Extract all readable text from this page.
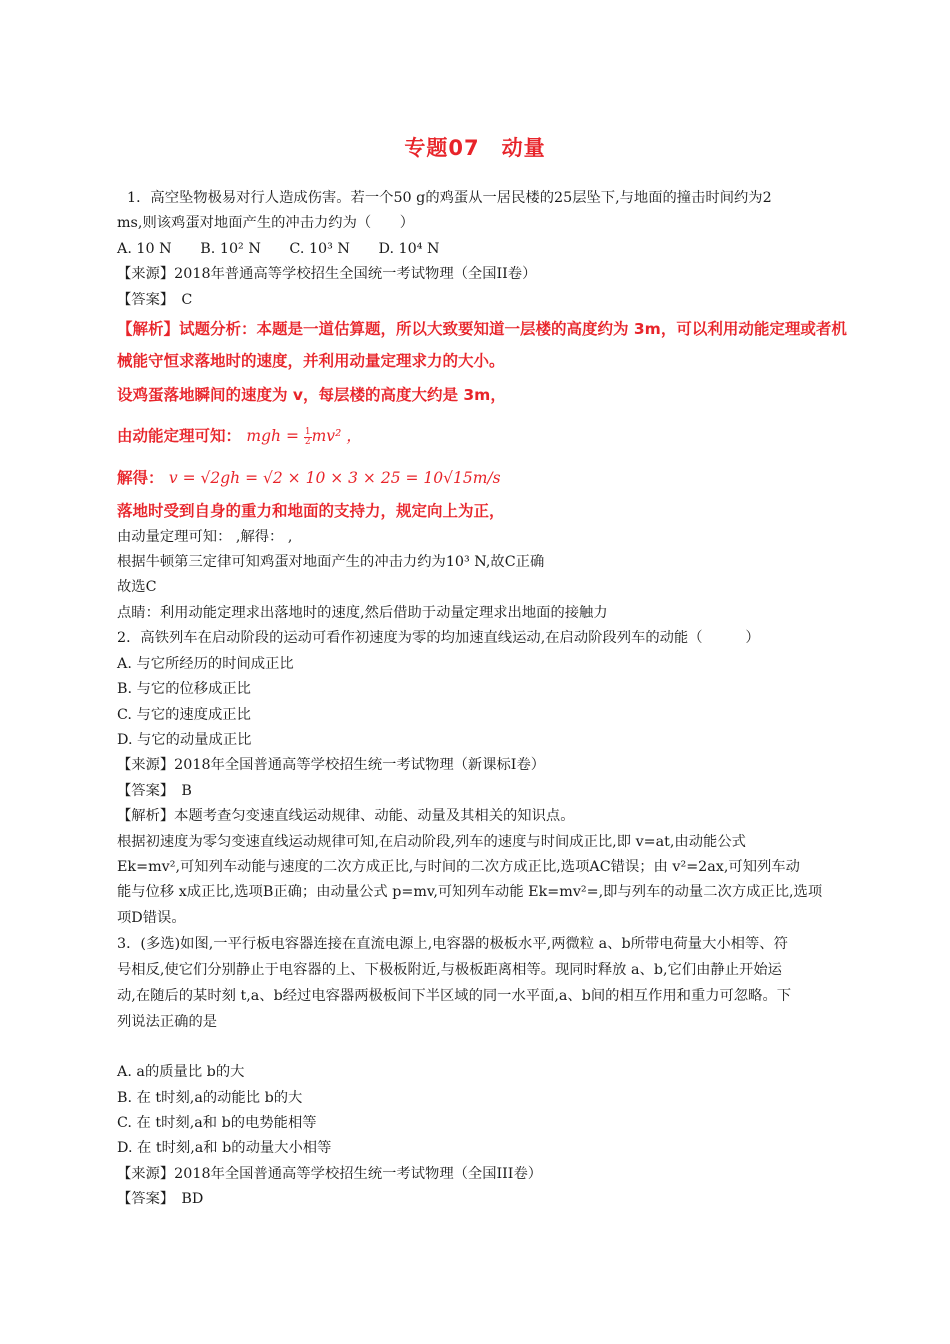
专题07 动量

1．高空坠物极易对行人造成伤害。若一个50 g的鸡蛋从一居民楼的25层坠下,与地面的撞击时间约为2

ms,则该鸡蛋对地面产生的冲击力约为（　　）

A. 10 N　　B. 10² N　　C. 10³ N　　D. 10⁴ N

【来源】2018年普通高等学校招生全国统一考试物理（全国II卷）

【答案】　C

【解析】试题分析：本题是一道估算题，所以大致要知道一层楼的高度约为 3m，可以利用动能定理或者机

械能守恒求落地时的速度，并利用动量定理求力的大小。

设鸡蛋落地瞬间的速度为 v，每层楼的高度大约是 3m，

由动能定理可知： mgh = $\frac{1}{2} mv^2$ ，

解得： v = √2gh = √2 × 10 × 3 × 25 = 10√15m/s

落地时受到自身的重力和地面的支持力，规定向上为正，

由动量定理可知： ,解得： ,

根据牛顿第三定律可知鸡蛋对地面产生的冲击力约为10³ N,故C正确

故选C

点睛：利用动能定理求出落地时的速度,然后借助于动量定理求出地面的接触力

2．高铁列车在启动阶段的运动可看作初速度为零的均加速直线运动,在启动阶段列车的动能（　　　）

A. 与它所经历的时间成正比

B. 与它的位移成正比

C. 与它的速度成正比

D. 与它的动量成正比

【来源】2018年全国普通高等学校招生统一考试物理（新课标I卷）

【答案】　B

【解析】本题考查匀变速直线运动规律、动能、动量及其相关的知识点。

根据初速度为零匀变速直线运动规律可知,在启动阶段,列车的速度与时间成正比,即 v=at,由动能公式

Ek=mv²,可知列车动能与速度的二次方成正比,与时间的二次方成正比,选项AC错误；由 v²=2ax,可知列车动

能与位移 x成正比,选项B正确；由动量公式 p=mv,可知列车动能 Ek=mv²=,即与列车的动量二次方成正比,选项

项D错误。

3．(多选)如图,一平行板电容器连接在直流电源上,电容器的极板水平,两微粒 a、b所带电荷量大小相等、符

号相反,使它们分别静止于电容器的上、下极板附近,与极板距离相等。现同时释放 a、b,它们由静止开始运

动,在随后的某时刻 t,a、b经过电容器两极板间下半区域的同一水平面,a、b间的相互作用和重力可忽略。下

列说法正确的是

A. a的质量比 b的大

B. 在 t时刻,a的动能比 b的大

C. 在 t时刻,a和 b的电势能相等

D. 在 t时刻,a和 b的动量大小相等

【来源】2018年全国普通高等学校招生统一考试物理（全国III卷）

【答案】　BD
